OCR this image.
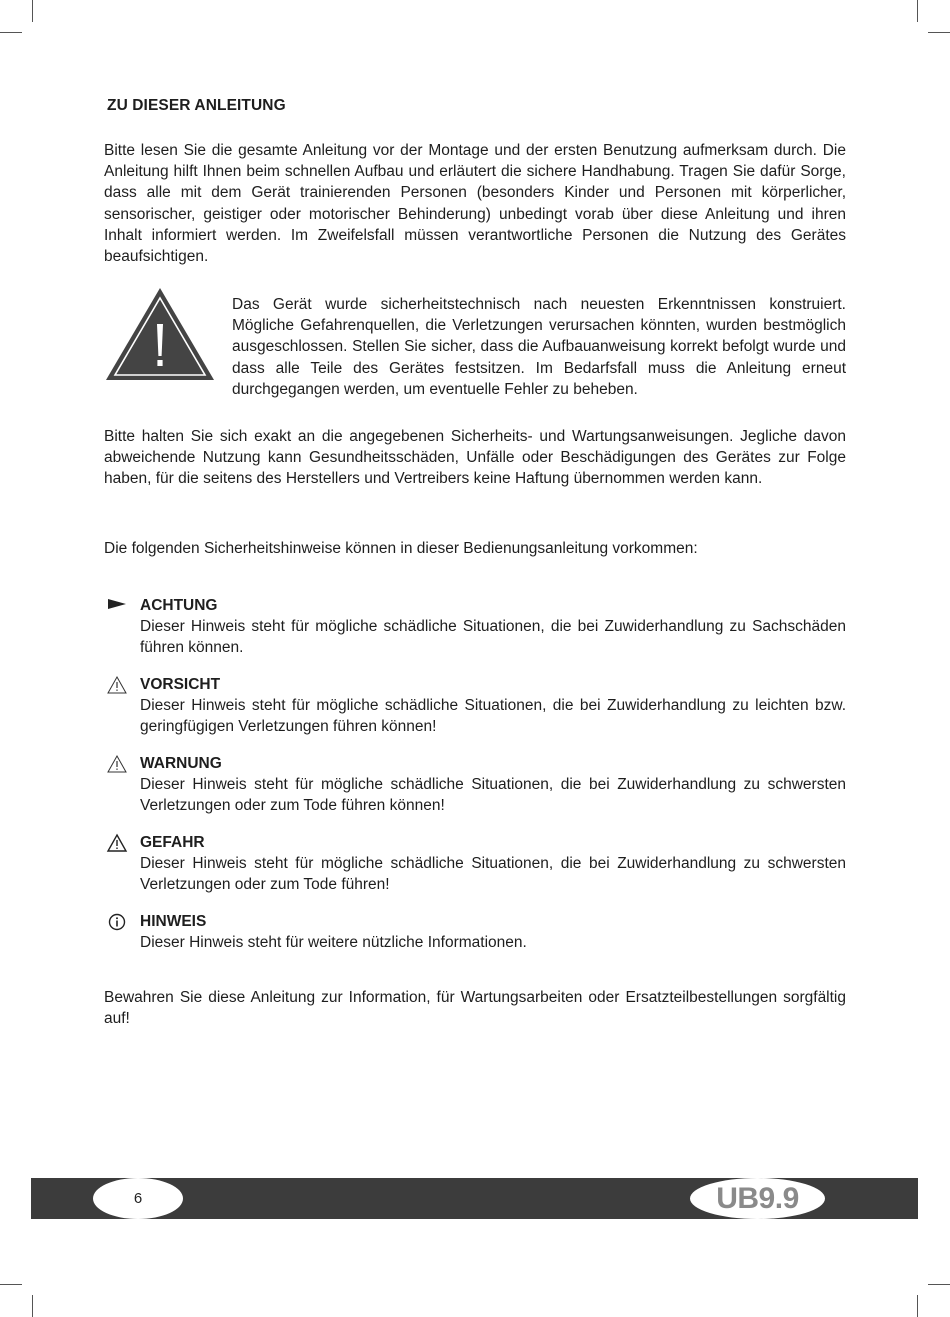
ZU DIESER ANLEITUNG

Bitte lesen Sie die gesamte Anleitung vor der Montage und der ersten Benutzung aufmerksam durch. Die Anleitung hilft Ihnen beim schnellen Aufbau und erläutert die sichere Handhabung. Tragen Sie dafür Sorge, dass alle mit dem Gerät trainierenden Personen (besonders Kinder und Personen mit körperlicher, sensorischer, geistiger oder motorischer Behinderung) unbedingt vorab über diese Anleitung und ihren Inhalt informiert werden. Im Zweifelsfall müssen verantwortliche Personen die Nutzung des Gerätes beaufsichtigen.

Das Gerät wurde sicherheitstechnisch nach neuesten Erkenntnissen konstruiert. Mögliche Gefahrenquellen, die Verletzungen verursachen könnten, wurden bestmöglich ausgeschlossen. Stellen Sie sicher, dass die Aufbauanweisung korrekt befolgt wurde und dass alle Teile des Gerätes festsitzen. Im Bedarfsfall muss die Anleitung erneut durchgegangen werden, um eventuelle Fehler zu beheben.

Bitte halten Sie sich exakt an die angegebenen Sicherheits- und Wartungsanweisungen. Jegliche davon abweichende Nutzung kann Gesundheitsschäden, Unfälle oder Beschädigungen des Gerätes zur Folge haben, für die seitens des Herstellers und Vertreibers keine Haftung übernommen werden kann.

Die folgenden Sicherheitshinweise können in dieser Bedienungsanleitung vorkommen:

ACHTUNG

Dieser Hinweis steht für mögliche schädliche Situationen, die bei Zuwiderhandlung zu Sachschäden führen können.

VORSICHT

Dieser Hinweis steht für mögliche schädliche Situationen, die bei Zuwiderhandlung zu leichten bzw. geringfügigen Verletzungen führen können!

WARNUNG

Dieser Hinweis steht für mögliche schädliche Situationen, die bei Zuwiderhandlung zu schwersten Verletzungen oder zum Tode führen können!

GEFAHR

Dieser Hinweis steht für mögliche schädliche Situationen, die bei Zuwiderhandlung zu schwersten Verletzungen oder zum Tode führen!

HINWEIS

Dieser Hinweis steht für weitere nützliche Informationen.

Bewahren Sie diese Anleitung zur Information, für Wartungsarbeiten oder Ersatzteilbestellungen sorgfältig auf!

6	UB9.9
